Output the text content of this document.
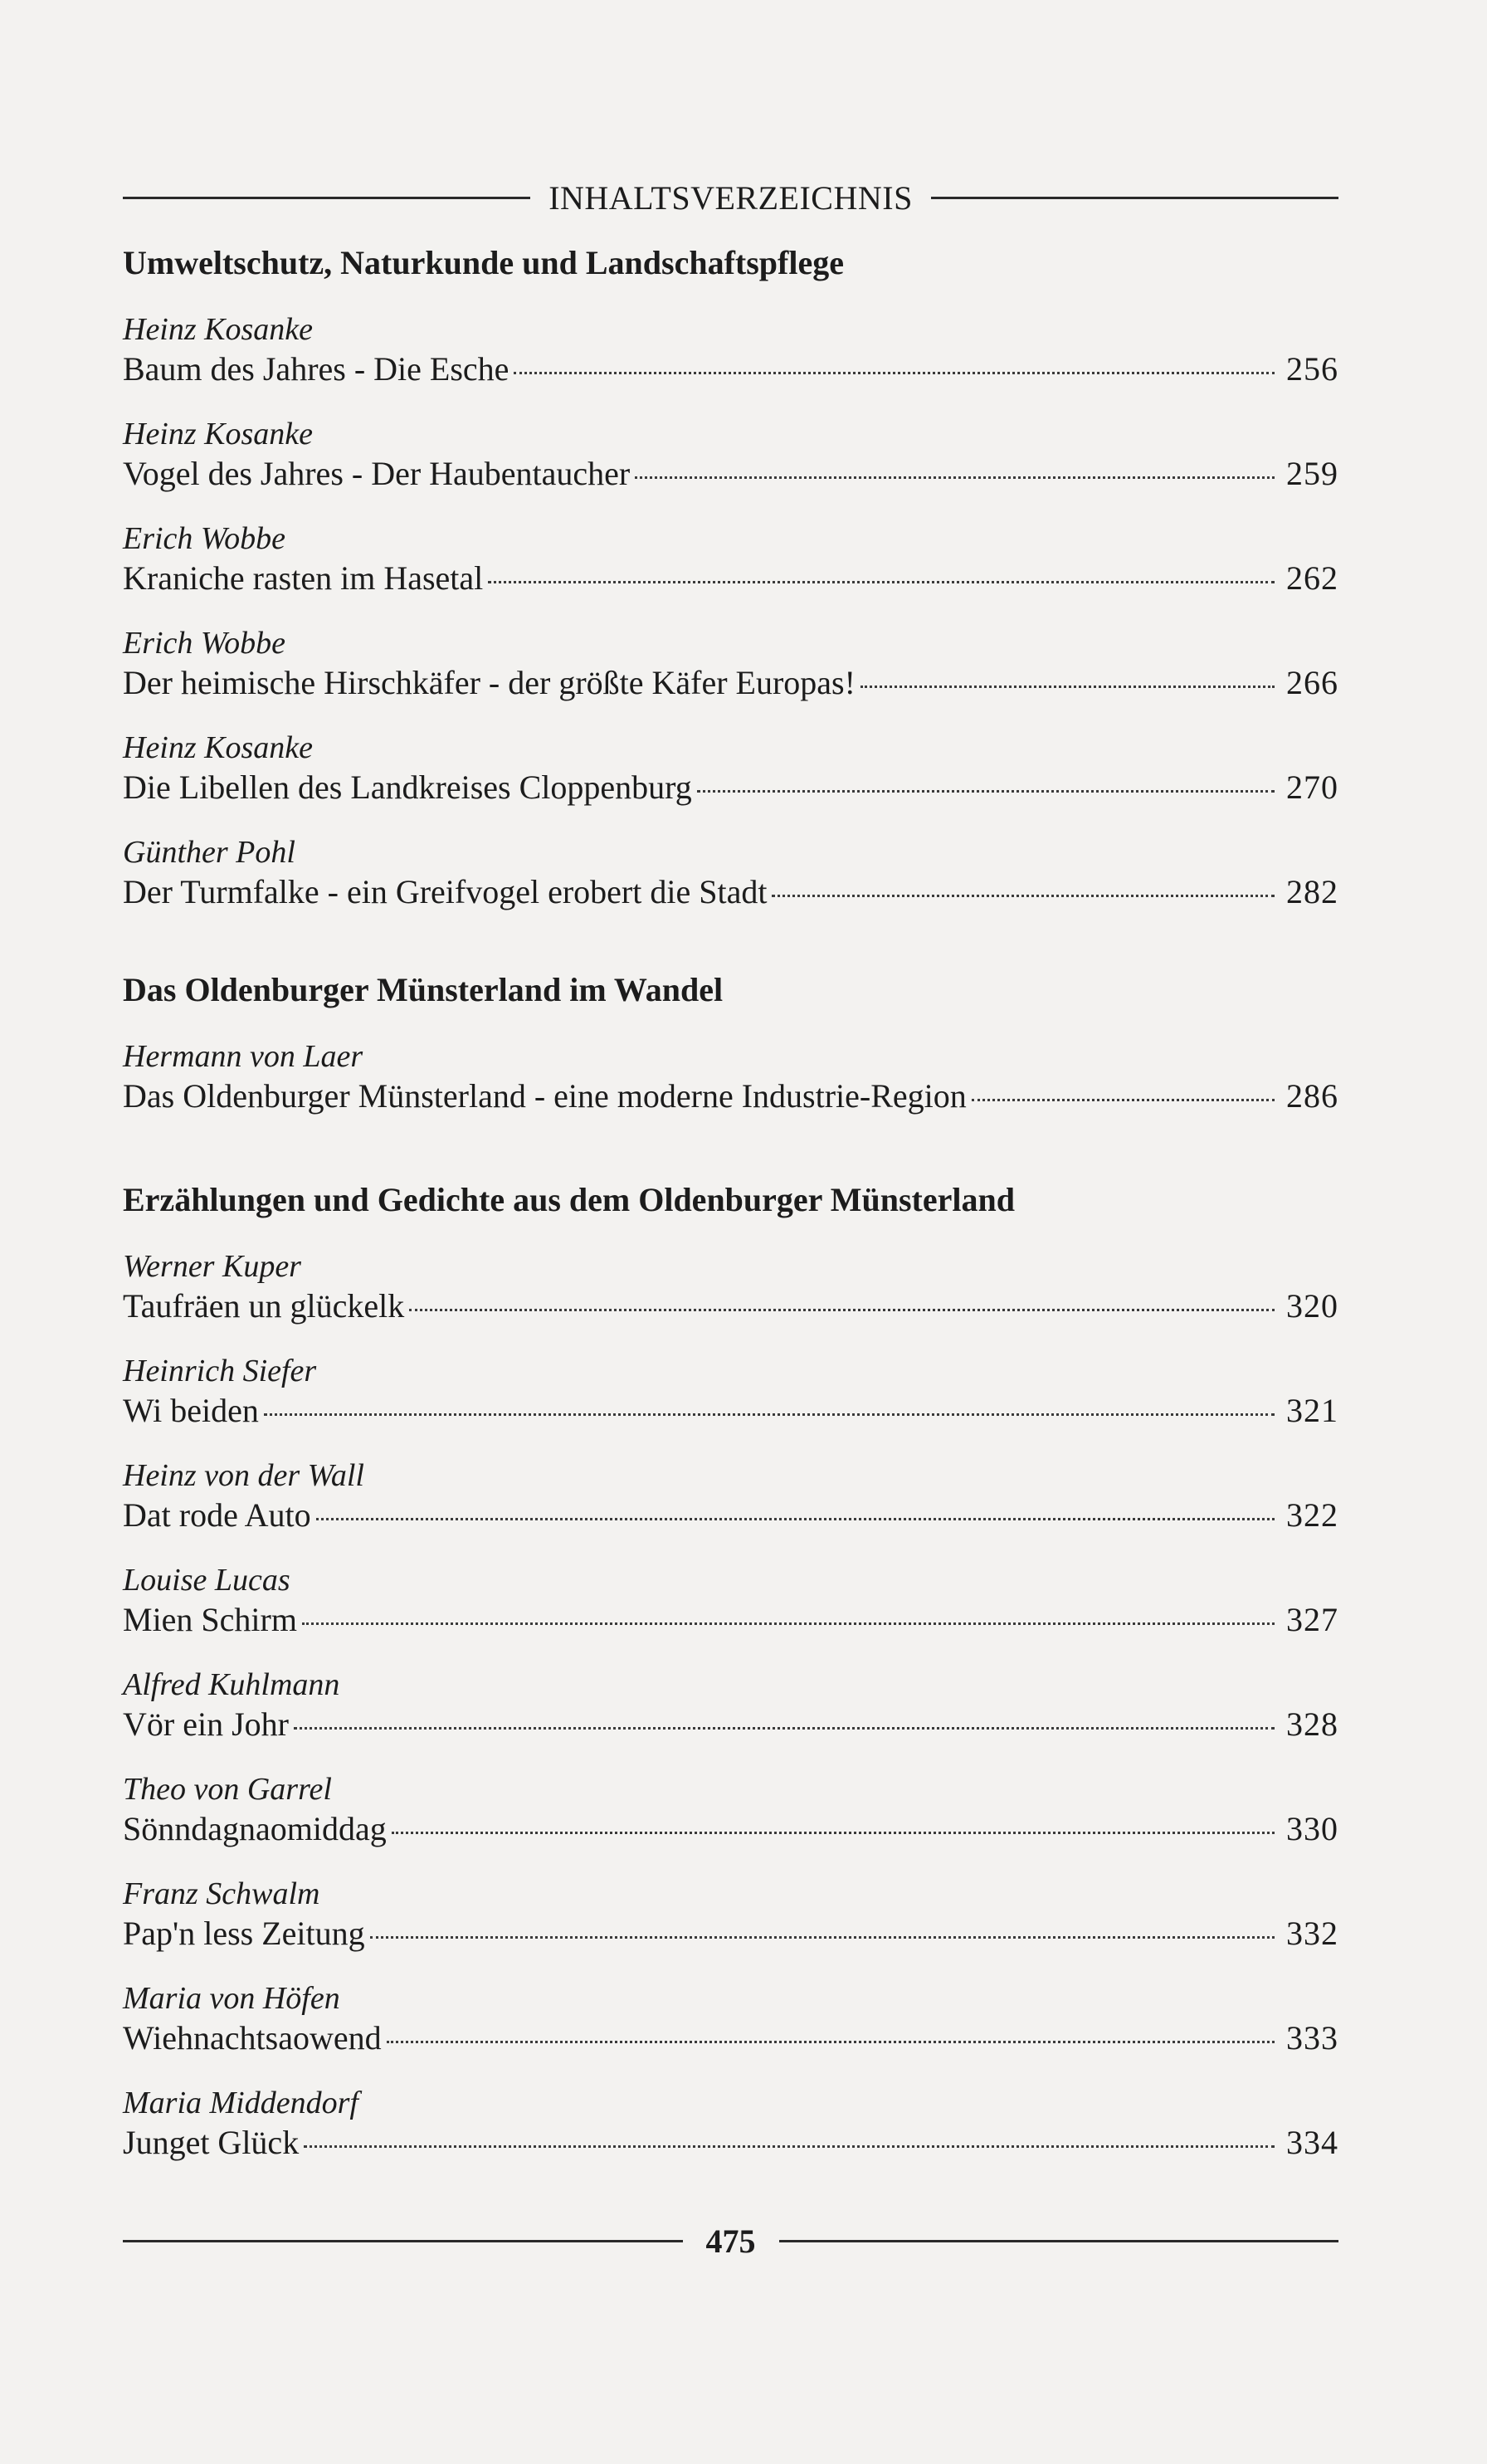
INHALTSVERZEICHNIS
Umweltschutz, Naturkunde und Landschaftspflege
Heinz Kosanke
Baum des Jahres - Die Esche	256
Heinz Kosanke
Vogel des Jahres - Der Haubentaucher	259
Erich Wobbe
Kraniche rasten im Hasetal	262
Erich Wobbe
Der heimische Hirschkäfer - der größte Käfer Europas!	266
Heinz Kosanke
Die Libellen des Landkreises Cloppenburg	270
Günther Pohl
Der Turmfalke - ein Greifvogel erobert die Stadt	282
Das Oldenburger Münsterland im Wandel
Hermann von Laer
Das Oldenburger Münsterland - eine moderne Industrie-Region	286
Erzählungen und Gedichte aus dem Oldenburger Münsterland
Werner Kuper
Taufräen un glückelk	320
Heinrich Siefer
Wi beiden	321
Heinz von der Wall
Dat rode Auto	322
Louise Lucas
Mien Schirm	327
Alfred Kuhlmann
Vör ein Johr	328
Theo von Garrel
Sönndagnaomiddag	330
Franz Schwalm
Pap'n less Zeitung	332
Maria von Höfen
Wiehnachtsaowend	333
Maria Middendorf
Junget Glück	334
475
